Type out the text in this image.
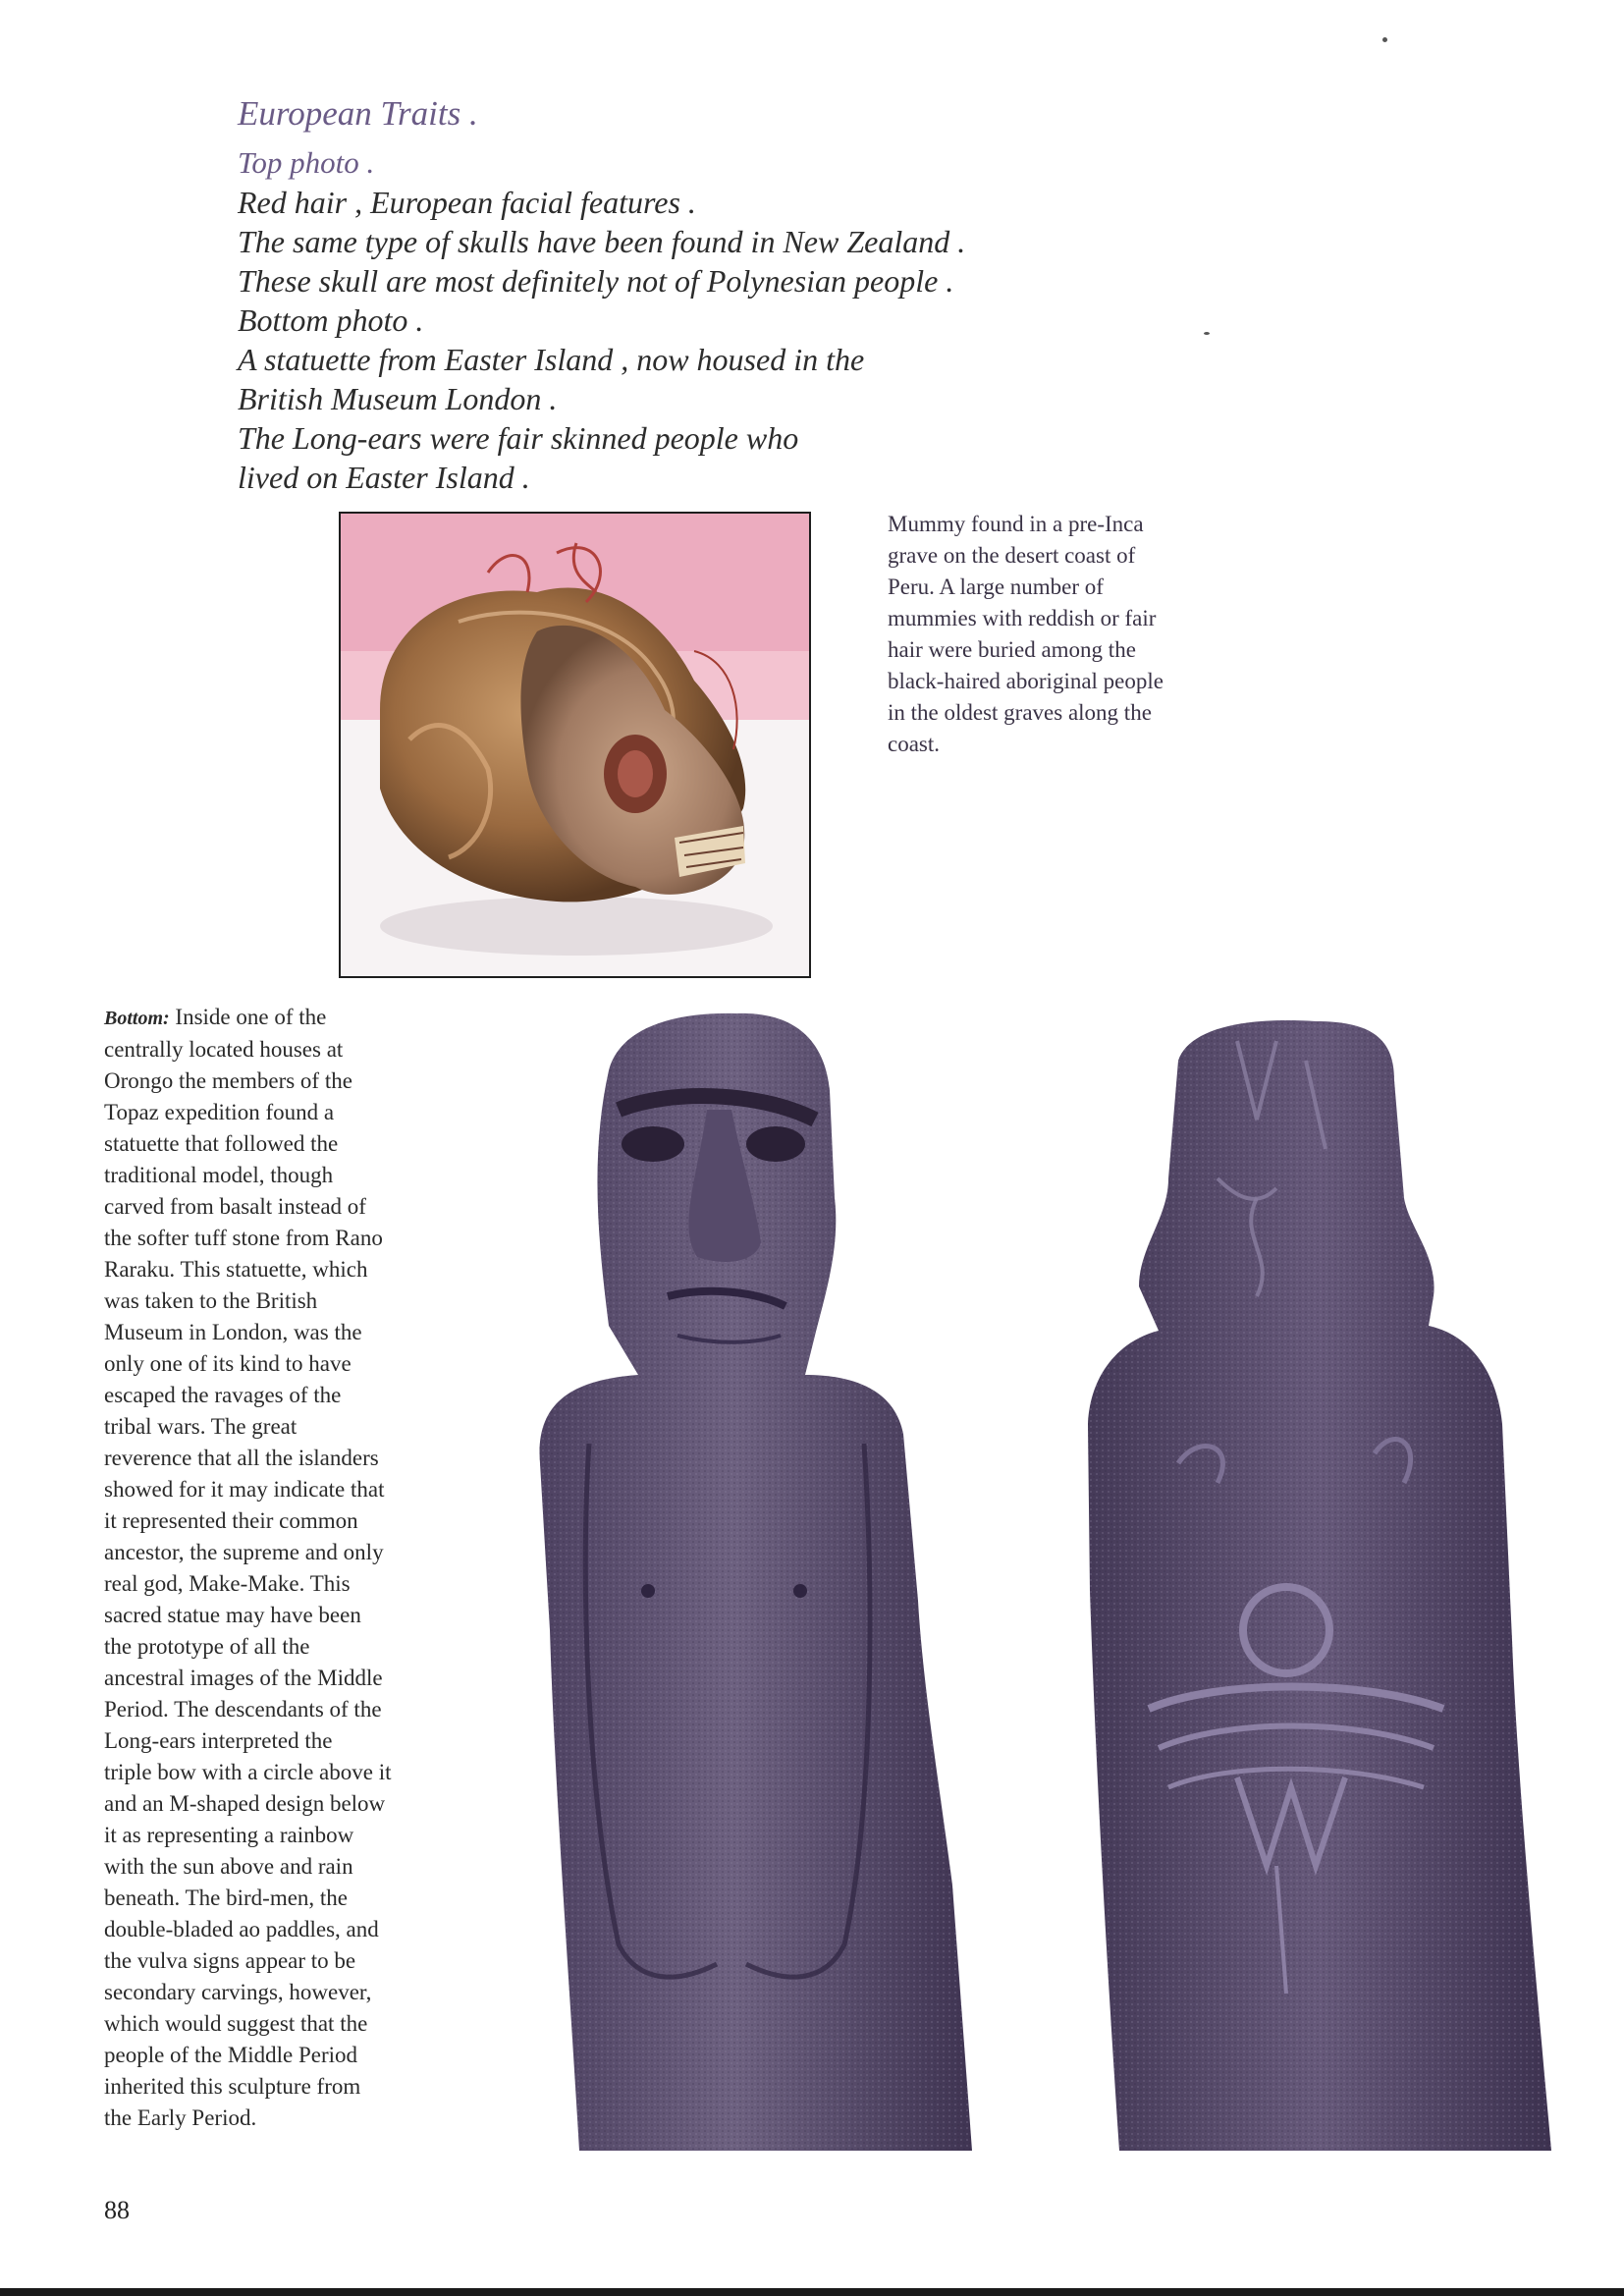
European Traits .
Top photo .
Red hair , European facial features .
The same type of skulls have been found in New Zealand .
These skull are most definitely not of Polynesian people .
Bottom photo .
A statuette from Easter Island , now housed in the
British Museum London .
The Long-ears were fair skinned people who
lived on Easter Island .
Mummy found in a pre-Inca
grave on the desert coast of
Peru. A large number of
mummies with reddish or fair
hair were buried among the
black-haired aboriginal people
in the oldest graves along the
coast.
Bottom: Inside one of the
centrally located houses at
Orongo the members of the
Topaz expedition found a
statuette that followed the
traditional model, though
carved from basalt instead of
the softer tuff stone from Rano
Raraku. This statuette, which
was taken to the British
Museum in London, was the
only one of its kind to have
escaped the ravages of the
tribal wars. The great
reverence that all the islanders
showed for it may indicate that
it represented their common
ancestor, the supreme and only
real god, Make-Make. This
sacred statue may have been
the prototype of all the
ancestral images of the Middle
Period. The descendants of the
Long-ears interpreted the
triple bow with a circle above it
and an M-shaped design below
it as representing a rainbow
with the sun above and rain
beneath. The bird-men, the
double-bladed ao paddles, and
the vulva signs appear to be
secondary carvings, however,
which would suggest that the
people of the Middle Period
inherited this sculpture from
the Early Period.
88
